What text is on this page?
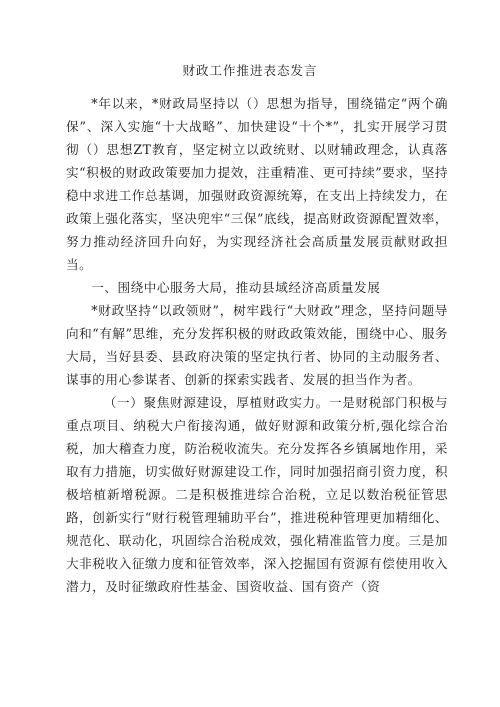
财政工作推进表态发言

*年以来，*财政局坚持以（）思想为指导，围绕锚定“两个确保”、深入实施“十大战略”、加快建设“十个*”，扎实开展学习贯彻（）思想ZT教育，坚定树立以政统财、以财辅政理念，认真落实“积极的财政政策要加力提效，注重精准、更可持续”要求，坚持稳中求进工作总基调，加强财政资源统筹，在支出上持续发力，在政策上强化落实，坚决兜牢“三保”底线，提高财政资源配置效率，努力推动经济回升向好，为实现经济社会高质量发展贡献财政担当。

一、围绕中心服务大局，推动县域经济高质量发展

*财政坚持“以政领财”，树牢践行“大财政”理念，坚持问题导向和“有解”思维，充分发挥积极的财政政策效能，围绕中心、服务大局，当好县委、县政府决策的坚定执行者、协同的主动服务者、谋事的用心参谋者、创新的探索实践者、发展的担当作为者。

（一）聚焦财源建设，厚植财政实力。一是财税部门积极与重点项目、纳税大户衔接沟通，做好财源和政策分析,强化综合治税，加大稽查力度，防治税收流失。充分发挥各乡镇属地作用，采取有力措施，切实做好财源建设工作，同时加强招商引资力度，积极培植新增税源。二是积极推进综合治税，立足以数治税征管思路，创新实行“财行税管理辅助平台”，推进税种管理更加精细化、规范化、联动化，巩固综合治税成效，强化精准监管力度。三是加大非税收入征缴力度和征管效率，深入挖掘国有资源有偿使用收入潜力，及时征缴政府性基金、国资收益、国有资产（资
